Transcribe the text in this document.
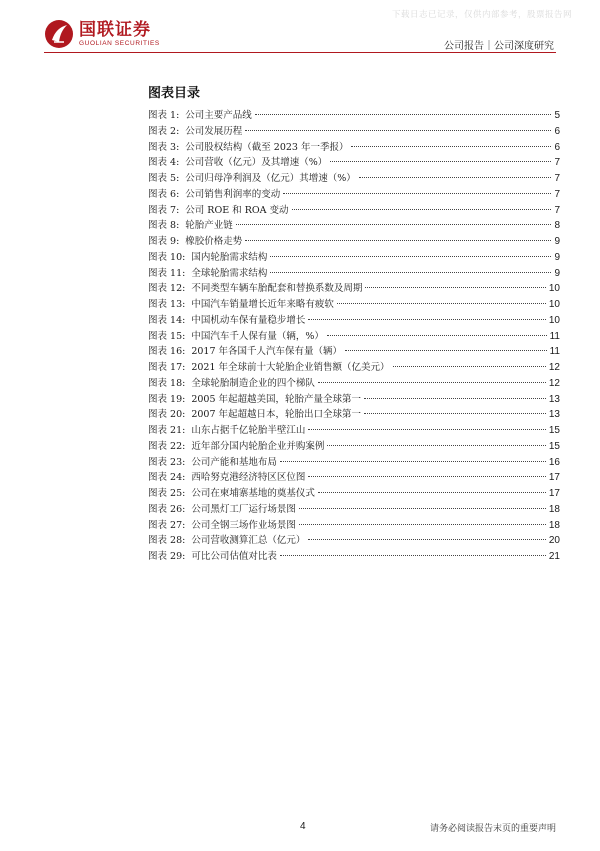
下载日志已记录，仅供内部参考，股票报告网
国联证券
GUOLIAN SECURITIES	公司报告｜公司深度研究
图表目录
图表 1: 公司主要产品线	5
图表 2: 公司发展历程	6
图表 3: 公司股权结构（截至 2023 年一季报）	6
图表 4: 公司营收（亿元）及其增速（%）	7
图表 5: 公司归母净利润及（亿元）其增速（%）	7
图表 6: 公司销售利润率的变动	7
图表 7: 公司 ROE 和 ROA 变动	7
图表 8: 轮胎产业链	8
图表 9: 橡胶价格走势	9
图表 10: 国内轮胎需求结构	9
图表 11: 全球轮胎需求结构	9
图表 12: 不同类型车辆车胎配套和替换系数及周期	10
图表 13: 中国汽车销量增长近年来略有疲软	10
图表 14: 中国机动车保有量稳步增长	10
图表 15: 中国汽车千人保有量（辆，%）	11
图表 16: 2017 年各国千人汽车保有量（辆）	11
图表 17: 2021 年全球前十大轮胎企业销售额（亿美元）	12
图表 18: 全球轮胎制造企业的四个梯队	12
图表 19: 2005 年起超越美国，轮胎产量全球第一	13
图表 20: 2007 年起超越日本，轮胎出口全球第一	13
图表 21: 山东占据千亿轮胎半壁江山	15
图表 22: 近年部分国内轮胎企业并购案例	15
图表 23: 公司产能和基地布局	16
图表 24: 西哈努克港经济特区区位图	17
图表 25: 公司在柬埔寨基地的奠基仪式	17
图表 26: 公司黑灯工厂运行场景图	18
图表 27: 公司全钢三场作业场景图	18
图表 28: 公司营收测算汇总（亿元）	20
图表 29: 可比公司估值对比表	21
4	请务必阅读报告末页的重要声明
